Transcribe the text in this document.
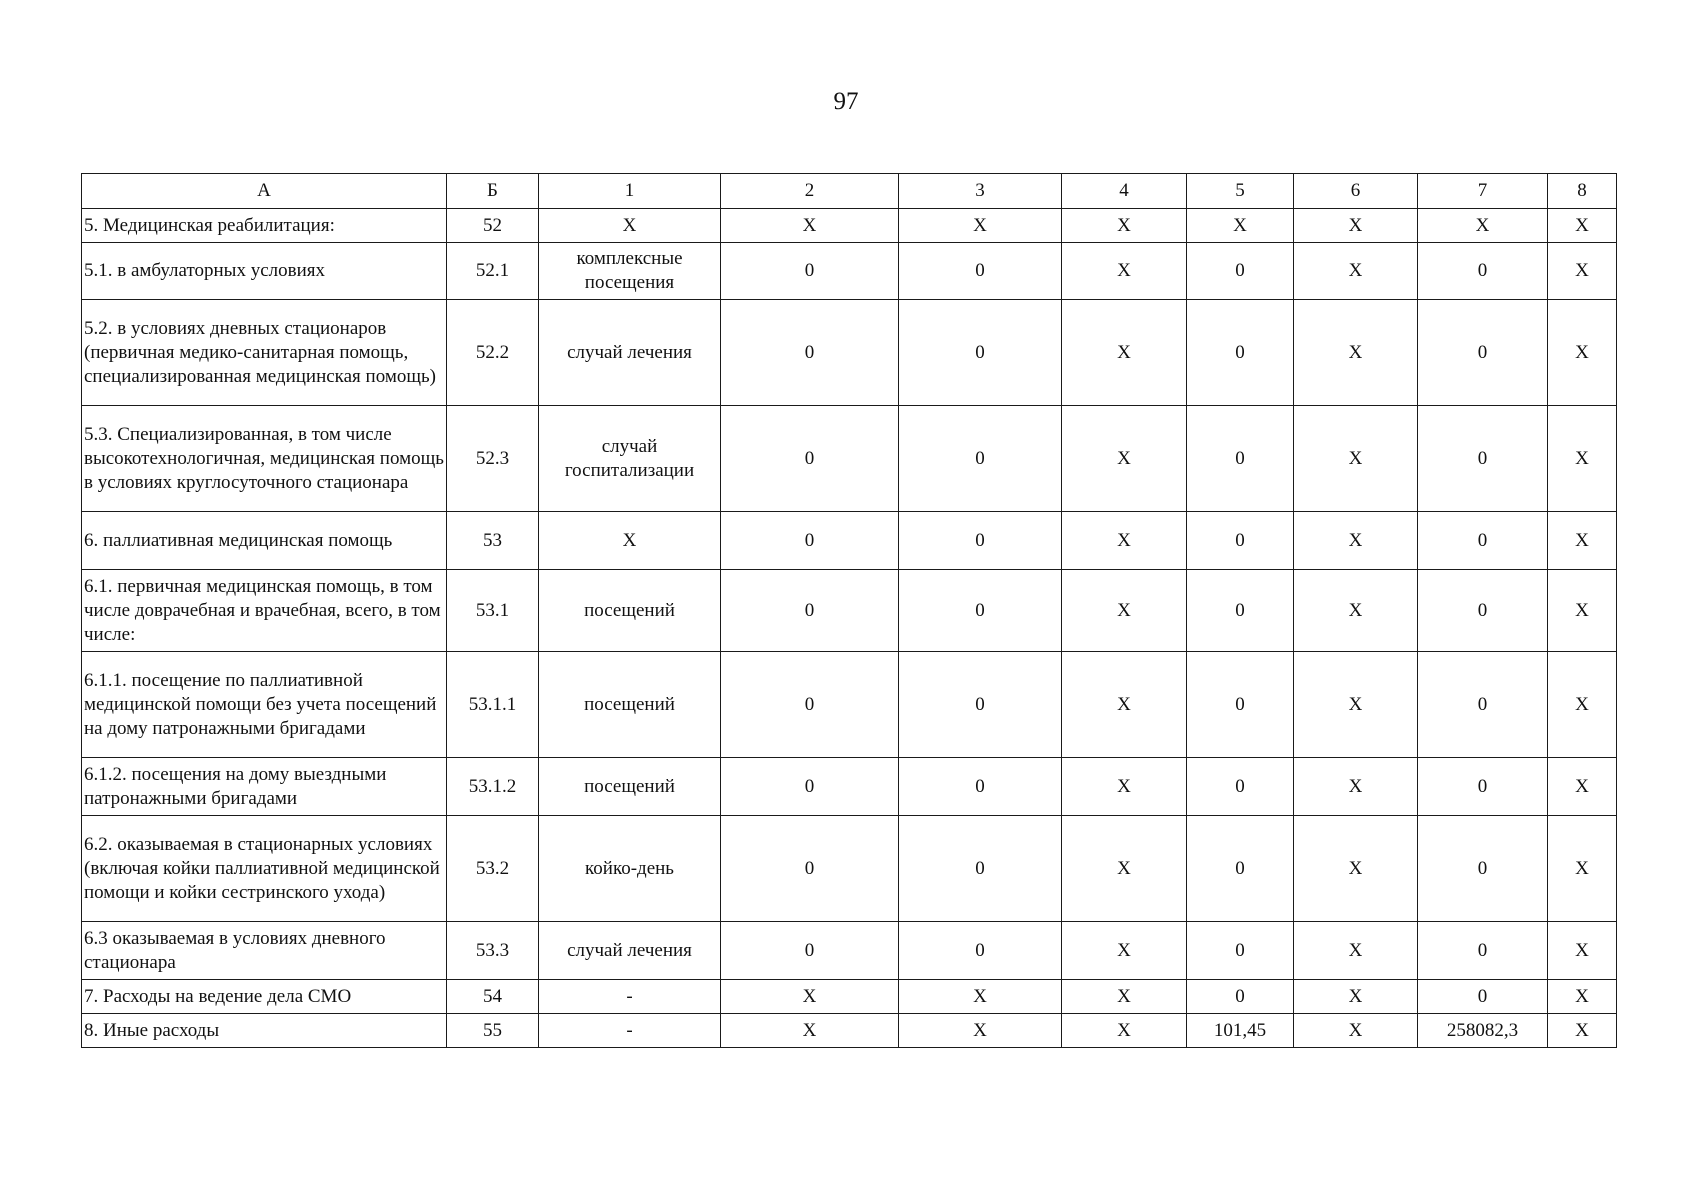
97
А	Б	1	2	3	4	5	6	7	8
5. Медицинская реабилитация:	52	Х	Х	Х	Х	Х	Х	Х	Х
5.1. в амбулаторных условиях	52.1	комплексные посещения	0	0	Х	0	Х	0	Х
5.2. в условиях дневных стационаров (первичная медико-санитарная помощь, специализированная медицинская помощь)	52.2	случай лечения	0	0	Х	0	Х	0	Х
5.3. Специализированная, в том числе высокотехнологичная, медицинская помощь в условиях круглосуточного стационара	52.3	случай госпитализации	0	0	Х	0	Х	0	Х
6. паллиативная медицинская помощь	53	Х	0	0	Х	0	Х	0	Х
6.1. первичная медицинская помощь, в том числе доврачебная и врачебная, всего, в том числе:	53.1	посещений	0	0	Х	0	Х	0	Х
6.1.1. посещение по паллиативной медицинской помощи без учета посещений на дому патронажными бригадами	53.1.1	посещений	0	0	Х	0	Х	0	Х
6.1.2. посещения на дому выездными патронажными бригадами	53.1.2	посещений	0	0	Х	0	Х	0	Х
6.2. оказываемая в стационарных условиях (включая койки паллиативной медицинской помощи и койки сестринского ухода)	53.2	койко-день	0	0	Х	0	Х	0	Х
6.3 оказываемая в условиях дневного стационара	53.3	случай лечения	0	0	Х	0	Х	0	Х
7. Расходы на ведение дела СМО	54	-	Х	Х	Х	0	Х	0	Х
8. Иные расходы	55	-	Х	Х	Х	101,45	Х	258082,3	Х
